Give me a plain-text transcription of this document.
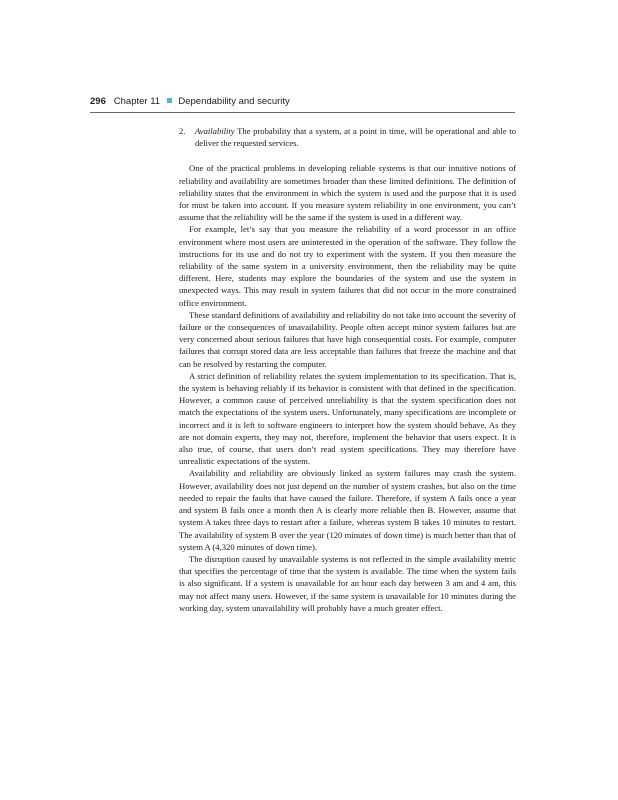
296 Chapter 11 Dependability and security
2. Availability The probability that a system, at a point in time, will be operational and able to deliver the requested services.

One of the practical problems in developing reliable systems is that our intuitive notions of reliability and availability are sometimes broader than these limited definitions. The definition of reliability states that the environment in which the system is used and the purpose that it is used for must be taken into account. If you measure system reliability in one environment, you can’t assume that the reliability will be the same if the system is used in a different way.

For example, let’s say that you measure the reliability of a word processor in an office environment where most users are uninterested in the operation of the software. They follow the instructions for its use and do not try to experiment with the system. If you then measure the reliability of the same system in a university environment, then the reliability may be quite different. Here, students may explore the boundaries of the system and use the system in unexpected ways. This may result in system failures that did not occur in the more constrained office environment.

These standard definitions of availability and reliability do not take into account the severity of failure or the consequences of unavailability. People often accept minor system failures but are very concerned about serious failures that have high consequential costs. For example, computer failures that corrupt stored data are less acceptable than failures that freeze the machine and that can be resolved by restarting the computer.

A strict definition of reliability relates the system implementation to its specification. That is, the system is behaving reliably if its behavior is consistent with that defined in the specification. However, a common cause of perceived unreliability is that the system specification does not match the expectations of the system users. Unfortunately, many specifications are incomplete or incorrect and it is left to software engineers to interpret how the system should behave. As they are not domain experts, they may not, therefore, implement the behavior that users expect. It is also true, of course, that users don’t read system specifications. They may therefore have unrealistic expectations of the system.

Availability and reliability are obviously linked as system failures may crash the system. However, availability does not just depend on the number of system crashes, but also on the time needed to repair the faults that have caused the failure. Therefore, if system A fails once a year and system B fails once a month then A is clearly more reliable then B. However, assume that system A takes three days to restart after a failure, whereas system B takes 10 minutes to restart. The availability of system B over the year (120 minutes of down time) is much better than that of system A (4,320 minutes of down time).

The disruption caused by unavailable systems is not reflected in the simple availability metric that specifies the percentage of time that the system is available. The time when the system fails is also significant. If a system is unavailable for an hour each day between 3 am and 4 am, this may not affect many users. However, if the same system is unavailable for 10 minutes during the working day, system unavailability will probably have a much greater effect.
